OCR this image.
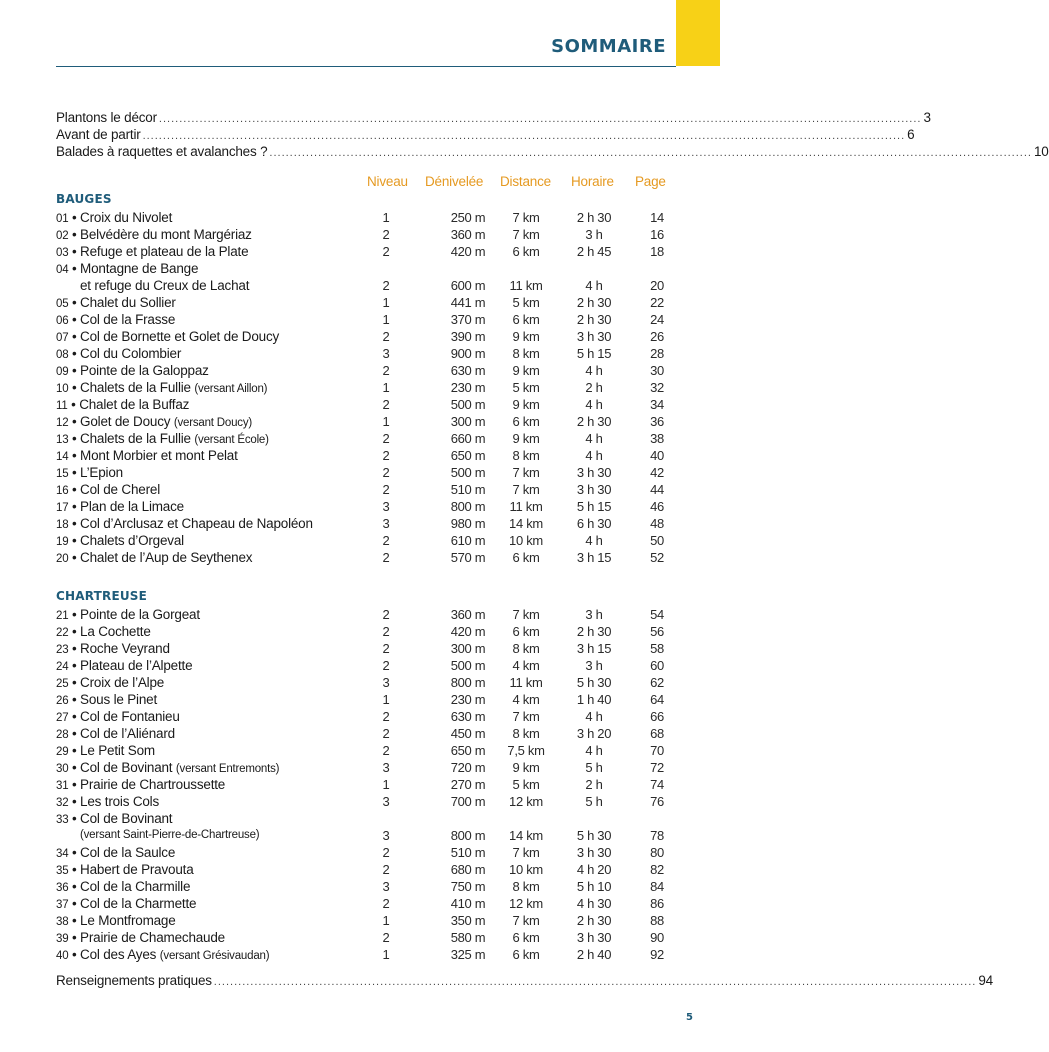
SOMMAIRE
Plantons le décor ............................................................................................................................................................................................ 3
Avant de partir ............................................................................................................................................................................................ 6
Balades à raquettes et avalanches ? ............................................................................................................................................................................................ 10
Niveau Dénivelée Distance Horaire Page
BAUGES
01 • Croix du Nivolet	1	250 m 7 km	2 h 30	14
02 • Belvédère du mont Margériaz	2	360 m 7 km	3 h	16
03 • Refuge et plateau de la Plate	2	420 m 6 km	2 h 45	18
04 • Montagne de Bange
et refuge du Creux de Lachat	2	600 m 11 km	4 h	20
05 • Chalet du Sollier	1	441 m 5 km	2 h 30	22
06 • Col de la Frasse	1	370 m 6 km	2 h 30	24
07 • Col de Bornette et Golet de Doucy	2	390 m 9 km	3 h 30	26
08 • Col du Colombier	3	900 m 8 km	5 h 15	28
09 • Pointe de la Galoppaz	2	630 m 9 km	4 h	30
10 • Chalets de la Fullie (versant Aillon)	1	230 m 5 km	2 h	32
11 • Chalet de la Buffaz	2	500 m 9 km	4 h	34
12 • Golet de Doucy (versant Doucy)	1	300 m 6 km	2 h 30	36
13 • Chalets de la Fullie (versant École)	2	660 m 9 km	4 h	38
14 • Mont Morbier et mont Pelat	2	650 m 8 km	4 h	40
15 • L’Epion	2	500 m 7 km	3 h 30	42
16 • Col de Cherel	2	510 m 7 km	3 h 30	44
17 • Plan de la Limace	3	800 m 11 km	5 h 15	46
18 • Col d’Arclusaz et Chapeau de Napoléon	3	980 m 14 km	6 h 30	48
19 • Chalets d’Orgeval	2	610 m 10 km	4 h	50
20 • Chalet de l’Aup de Seythenex	2	570 m 6 km	3 h 15	52
CHARTREUSE
21 • Pointe de la Gorgeat	2	360 m 7 km	3 h	54
22 • La Cochette	2	420 m 6 km	2 h 30	56
23 • Roche Veyrand	2	300 m 8 km	3 h 15	58
24 • Plateau de l’Alpette	2	500 m 4 km	3 h	60
25 • Croix de l’Alpe	3	800 m 11 km	5 h 30	62
26 • Sous le Pinet	1	230 m 4 km	1 h 40	64
27 • Col de Fontanieu	2	630 m 7 km	4 h	66
28 • Col de l’Aliénard	2	450 m 8 km	3 h 20	68
29 • Le Petit Som	2	650 m 7,5 km	4 h	70
30 • Col de Bovinant (versant Entremonts)	3	720 m 9 km	5 h	72
31 • Prairie de Chartroussette	1	270 m 5 km	2 h	74
32 • Les trois Cols	3	700 m 12 km	5 h	76
33 • Col de Bovinant
(versant Saint-Pierre-de-Chartreuse)	3	800 m 14 km	5 h 30	78
34 • Col de la Saulce	2	510 m 7 km	3 h 30	80
35 • Habert de Pravouta	2	680 m 10 km	4 h 20	82
36 • Col de la Charmille	3	750 m 8 km	5 h 10	84
37 • Col de la Charmette	2	410 m 12 km	4 h 30	86
38 • Le Montfromage	1	350 m 7 km	2 h 30	88
39 • Prairie de Chamechaude	2	580 m 6 km	3 h 30	90
40 • Col des Ayes (versant Grésivaudan)	1	325 m 6 km	2 h 40	92
Renseignements pratiques ............................................................................................................................................................................................ 94
5
